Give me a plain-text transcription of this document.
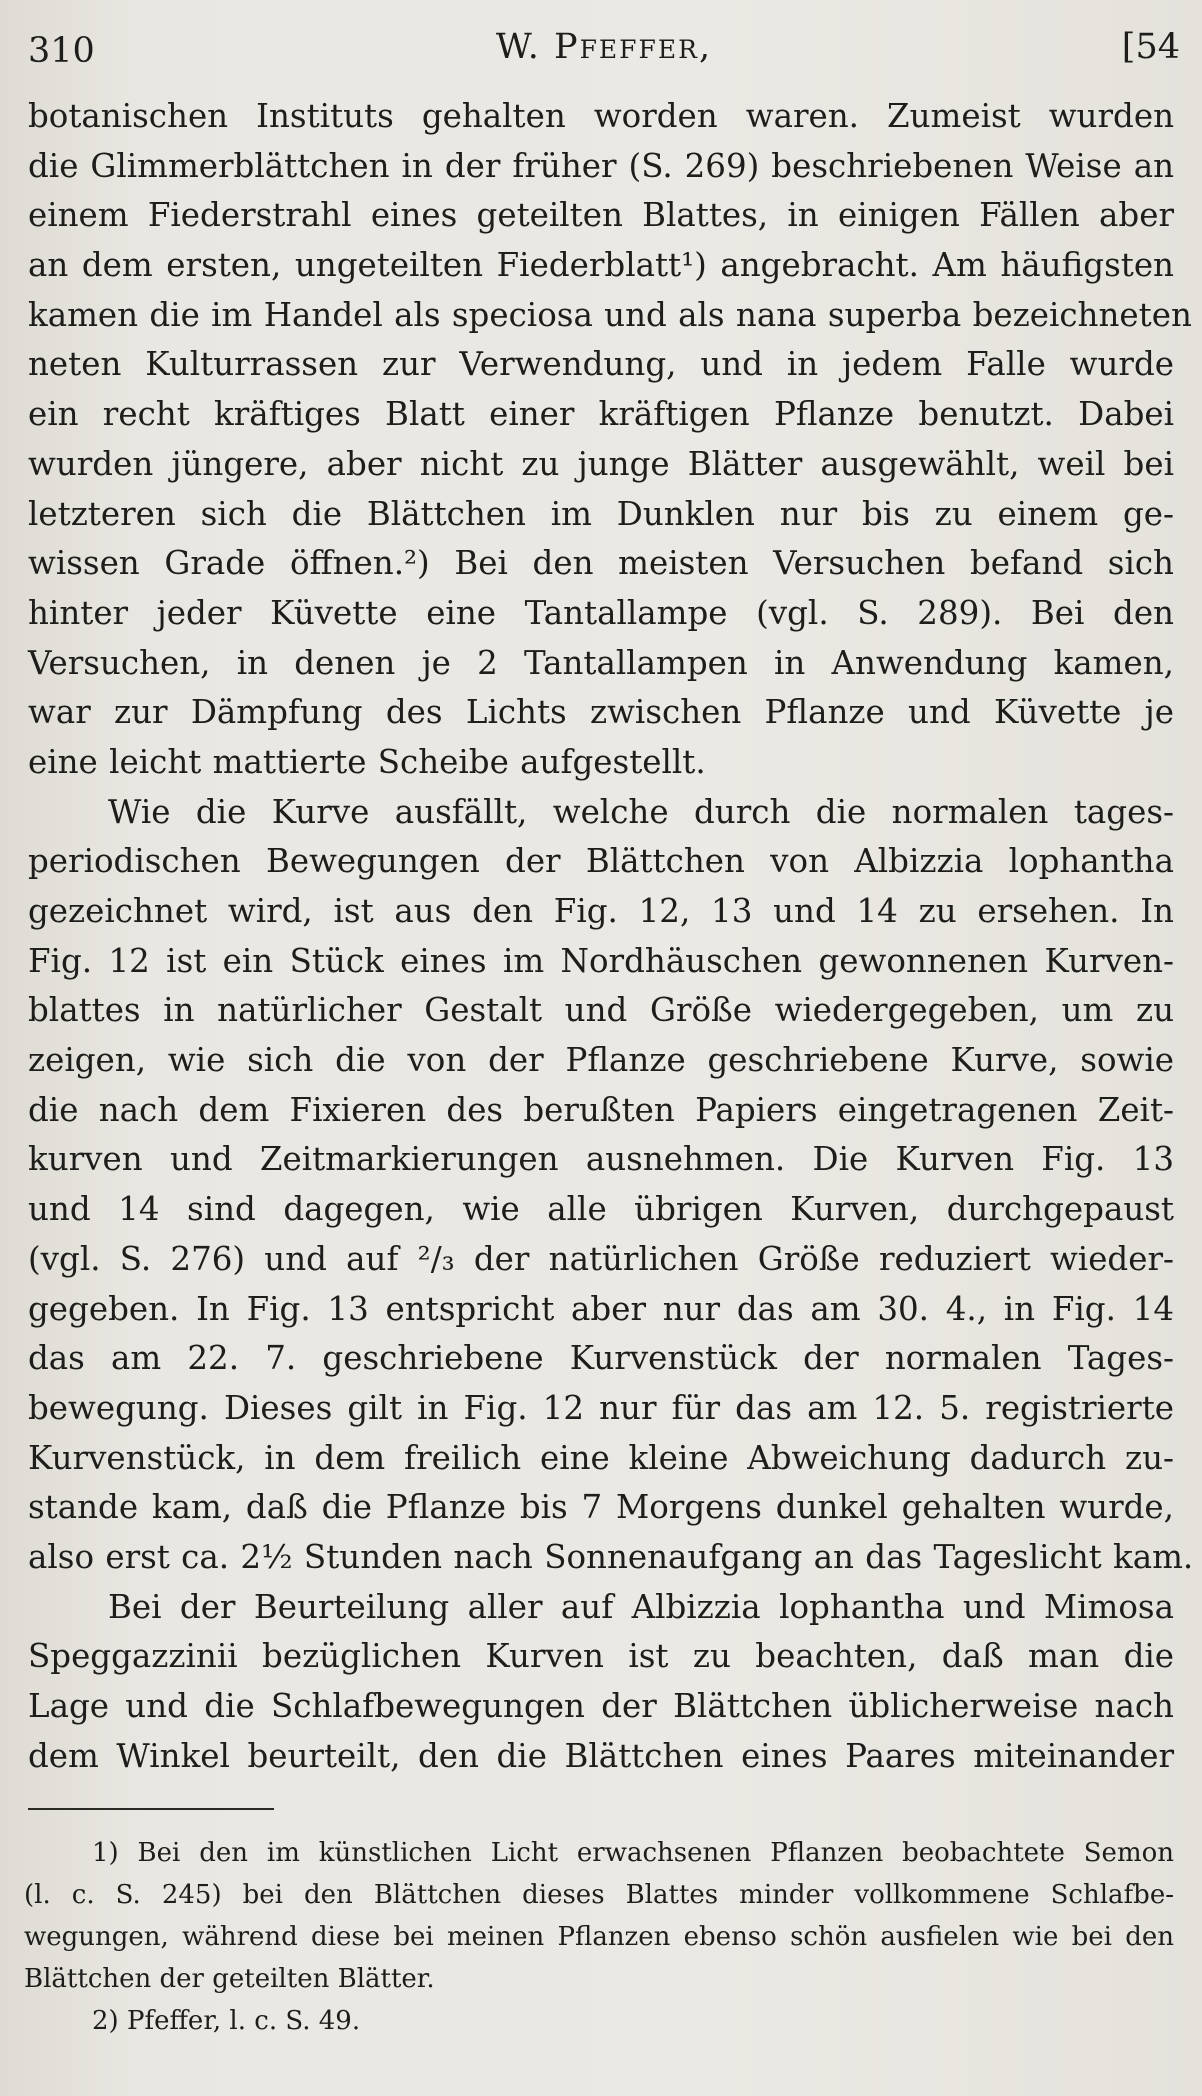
310	W. Pfeffer,	[54
botanischen Instituts gehalten worden waren. Zumeist wurden
die Glimmerblättchen in der früher (S. 269) beschriebenen Weise an
einem Fiederstrahl eines geteilten Blattes, in einigen Fällen aber
an dem ersten, ungeteilten Fiederblatt¹) angebracht. Am häufigsten
kamen die im Handel als speciosa und als nana superba bezeichneten
neten Kulturrassen zur Verwendung, und in jedem Falle wurde
ein recht kräftiges Blatt einer kräftigen Pflanze benutzt. Dabei
wurden jüngere, aber nicht zu junge Blätter ausgewählt, weil bei
letzteren sich die Blättchen im Dunklen nur bis zu einem ge-
wissen Grade öffnen.²) Bei den meisten Versuchen befand sich
hinter jeder Küvette eine Tantallampe (vgl. S. 289). Bei den
Versuchen, in denen je 2 Tantallampen in Anwendung kamen,
war zur Dämpfung des Lichts zwischen Pflanze und Küvette je
eine leicht mattierte Scheibe aufgestellt.
Wie die Kurve ausfällt, welche durch die normalen tages-
periodischen Bewegungen der Blättchen von Albizzia lophantha
gezeichnet wird, ist aus den Fig. 12, 13 und 14 zu ersehen. In
Fig. 12 ist ein Stück eines im Nordhäuschen gewonnenen Kurven-
blattes in natürlicher Gestalt und Größe wiedergegeben, um zu
zeigen, wie sich die von der Pflanze geschriebene Kurve, sowie
die nach dem Fixieren des berußten Papiers eingetragenen Zeit-
kurven und Zeitmarkierungen ausnehmen. Die Kurven Fig. 13
und 14 sind dagegen, wie alle übrigen Kurven, durchgepaust
(vgl. S. 276) und auf ²/₃ der natürlichen Größe reduziert wieder-
gegeben. In Fig. 13 entspricht aber nur das am 30. 4., in Fig. 14
das am 22. 7. geschriebene Kurvenstück der normalen Tages-
bewegung. Dieses gilt in Fig. 12 nur für das am 12. 5. registrierte
Kurvenstück, in dem freilich eine kleine Abweichung dadurch zu-
stande kam, daß die Pflanze bis 7 Morgens dunkel gehalten wurde,
also erst ca. 2½ Stunden nach Sonnenaufgang an das Tageslicht kam.
Bei der Beurteilung aller auf Albizzia lophantha und Mimosa
Speggazzinii bezüglichen Kurven ist zu beachten, daß man die
Lage und die Schlafbewegungen der Blättchen üblicherweise nach
dem Winkel beurteilt, den die Blättchen eines Paares miteinander
1) Bei den im künstlichen Licht erwachsenen Pflanzen beobachtete Semon
(l. c. S. 245) bei den Blättchen dieses Blattes minder vollkommene Schlafbe-
wegungen, während diese bei meinen Pflanzen ebenso schön ausfielen wie bei den
Blättchen der geteilten Blätter.
2) Pfeffer, l. c. S. 49.
